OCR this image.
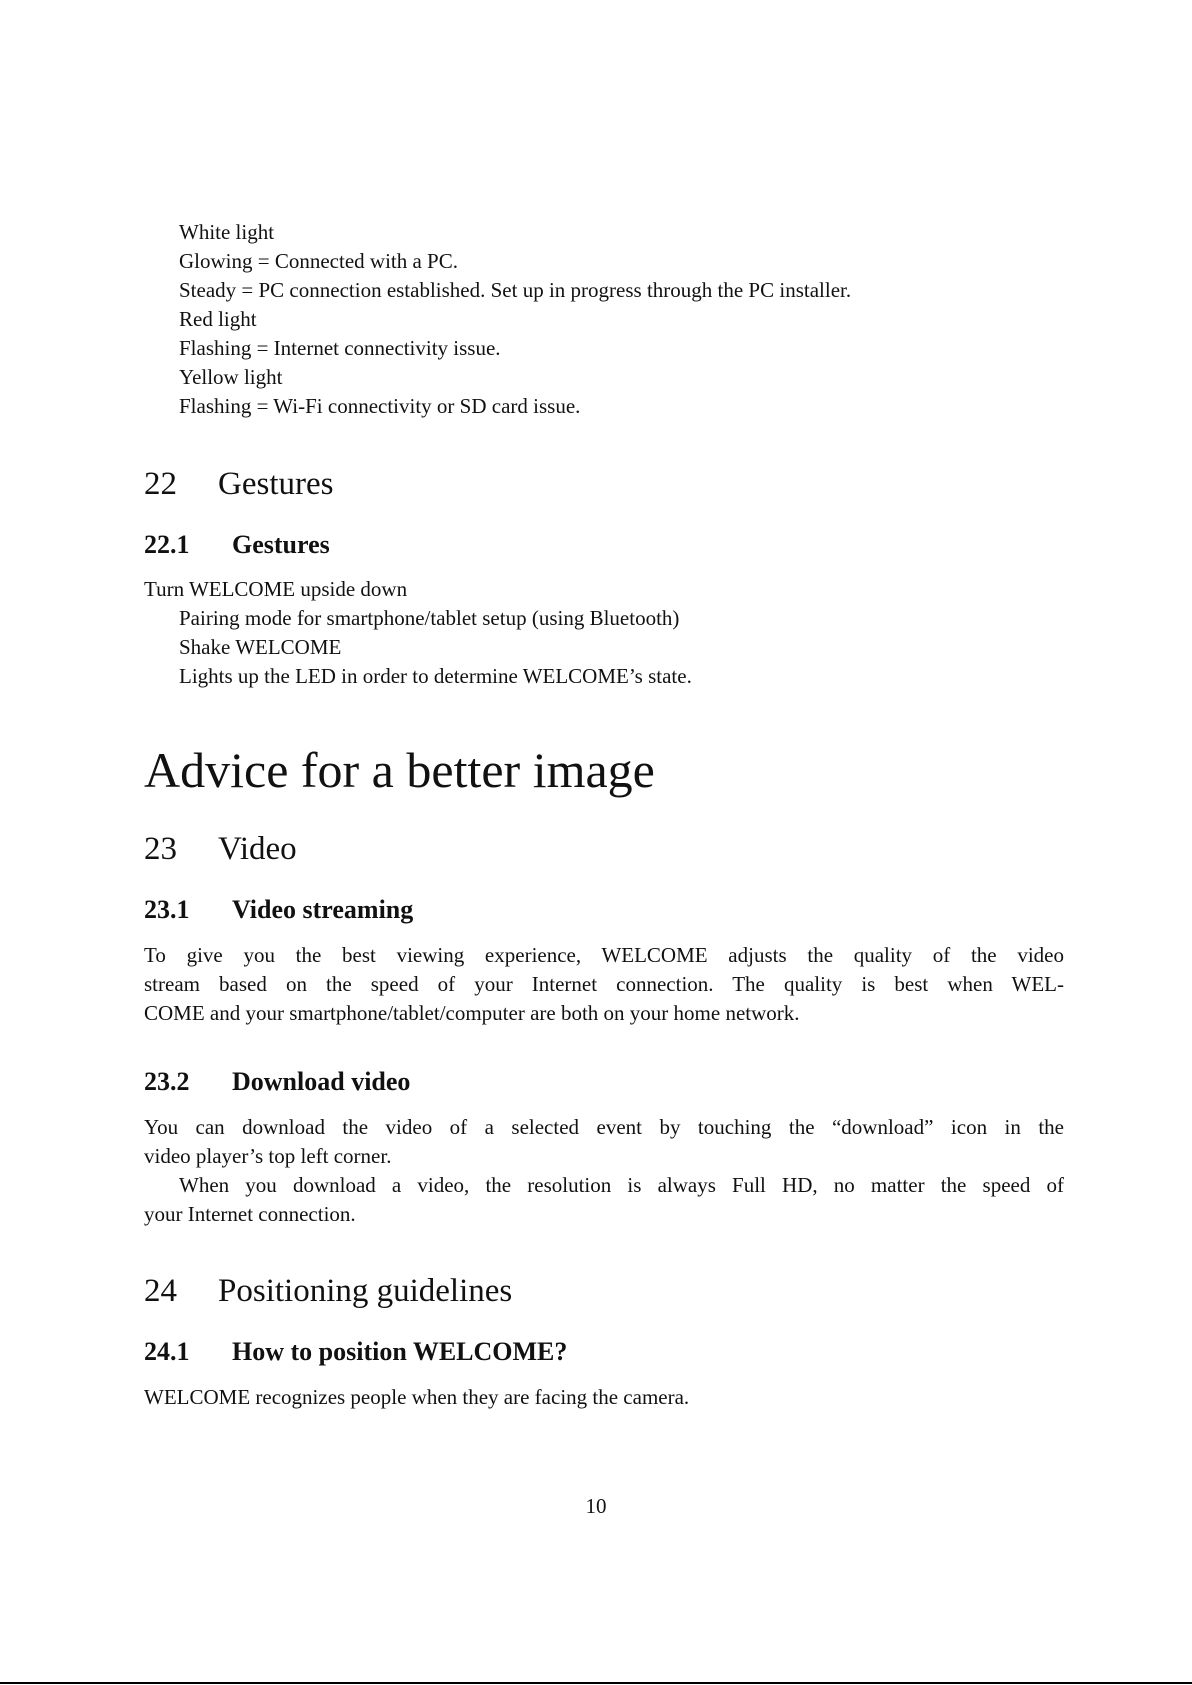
White light
Glowing = Connected with a PC.
Steady = PC connection established. Set up in progress through the PC installer.
Red light
Flashing = Internet connectivity issue.
Yellow light
Flashing = Wi-Fi connectivity or SD card issue.
22 Gestures
22.1 Gestures
Turn WELCOME upside down
Pairing mode for smartphone/tablet setup (using Bluetooth)
Shake WELCOME
Lights up the LED in order to determine WELCOME’s state.
Advice for a better image
23 Video
23.1 Video streaming
To give you the best viewing experience, WELCOME adjusts the quality of the video
stream based on the speed of your Internet connection. The quality is best when WEL-
COME and your smartphone/tablet/computer are both on your home network.
23.2 Download video
You can download the video of a selected event by touching the “download” icon in the
video player’s top left corner.
When you download a video, the resolution is always Full HD, no matter the speed of
your Internet connection.
24 Positioning guidelines
24.1 How to position WELCOME?
WELCOME recognizes people when they are facing the camera.
10
